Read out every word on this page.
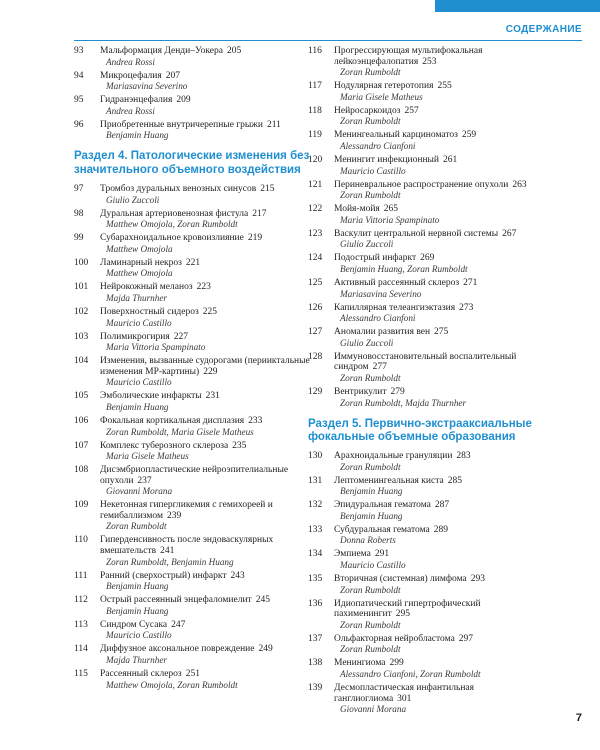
СОДЕРЖАНИЕ
93	Мальформация Денди–Уокера 205
Andrea Rossi
94	Микроцефалия 207
Mariasavina Severino
95	Гидранэнцефалия 209
Andrea Rossi
96	Приобретенные внутричерепные грыжи 211
Benjamin Huang
Раздел 4. Патологические изменения без значительного объемного воздействия
97	Тромбоз дуральных венозных синусов 215
Giulio Zuccoli
98	Дуральная артериовенозная фистула 217
Matthew Omojola, Zoran Rumboldt
99	Субарахноидальное кровоизлияние 219
Matthew Omojola
100	Ламинарный некроз 221
Matthew Omojola
101	Нейрокожный меланоз 223
Majda Thurnher
102	Поверхностный сидероз 225
Mauricio Castillo
103	Полимикрогирия 227
Maria Vittoria Spampinato
104	Изменения, вызванные судорогами (перииктальные изменения МР-картины) 229
Mauricio Castillo
105	Эмболические инфаркты 231
Benjamin Huang
106	Фокальная кортикальная дисплазия 233
Zoran Rumboldt, Maria Gisele Matheus
107	Комплекс туберозного склероза 235
Maria Gisele Matheus
108	Дисэмбриопластические нейроэпителиальные опухоли 237
Giovanni Morana
109	Некетонная гипергликемия с гемихореей и гемибаллизмом 239
Zoran Rumboldt
110	Гиперденсивность после эндоваскулярных вмешательств 241
Zoran Rumboldt, Benjamin Huang
111	Ранний (сверхострый) инфаркт 243
Benjamin Huang
112	Острый рассеянный энцефаломиелит 245
Benjamin Huang
113	Синдром Сусака 247
Mauricio Castillo
114	Диффузное аксональное повреждение 249
Majda Thurnher
115	Рассеянный склероз 251
Matthew Omojola, Zoran Rumboldt
116	Прогрессирующая мультифокальная лейкоэнцефалопатия 253
Zoran Rumboldt
117	Нодулярная гетеротопия 255
Maria Gisele Matheus
118	Нейросаркоидоз 257
Zoran Rumboldt
119	Менингеальный карциноматоз 259
Alessandro Cianfoni
120	Менингит инфекционный 261
Mauricio Castillo
121	Периневральное распространение опухоли 263
Zoran Rumboldt
122	Мойя-мойя 265
Maria Vittoria Spampinato
123	Васкулит центральной нервной системы 267
Giulio Zuccoli
124	Подострый инфаркт 269
Benjamin Huang, Zoran Rumboldt
125	Активный рассеянный склероз 271
Mariasavina Severino
126	Капиллярная телеангиэктазия 273
Alessandro Cianfoni
127	Аномалии развития вен 275
Giulio Zuccoli
128	Иммуновосстановительный воспалительный синдром 277
Zoran Rumboldt
129	Вентрикулит 279
Zoran Rumboldt, Majda Thurnher
Раздел 5. Первично-экстрааксиальные фокальные объемные образования
130	Арахноидальные грануляции 283
Zoran Rumboldt
131	Лептоменингеальная киста 285
Benjamin Huang
132	Эпидуральная гематома 287
Benjamin Huang
133	Субдуральная гематома 289
Donna Roberts
134	Эмпиема 291
Mauricio Castillo
135	Вторичная (системная) лимфома 293
Zoran Rumboldt
136	Идиопатический гипертрофический пахименингит 295
Zoran Rumboldt
137	Ольфакторная нейробластома 297
Zoran Rumboldt
138	Менингиома 299
Alessandro Cianfoni, Zoran Rumboldt
139	Десмопластическая инфантильная ганглиоглиома 301
Giovanni Morana
7
